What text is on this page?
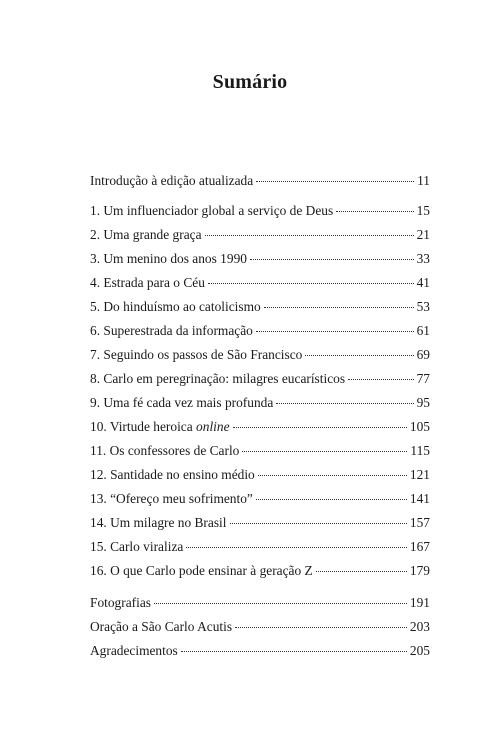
Sumário
Introdução à edição atualizada	11
1. Um influenciador global a serviço de Deus	15
2. Uma grande graça	21
3. Um menino dos anos 1990	33
4. Estrada para o Céu	41
5. Do hinduísmo ao catolicismo	53
6. Superestrada da informação	61
7. Seguindo os passos de São Francisco	69
8. Carlo em peregrinação: milagres eucarísticos	77
9. Uma fé cada vez mais profunda	95
10. Virtude heroica online	105
11. Os confessores de Carlo	115
12. Santidade no ensino médio	121
13. “Ofereço meu sofrimento”	141
14. Um milagre no Brasil	157
15. Carlo viraliza	167
16. O que Carlo pode ensinar à geração Z	179
Fotografias	191
Oração a São Carlo Acutis	203
Agradecimentos	205
